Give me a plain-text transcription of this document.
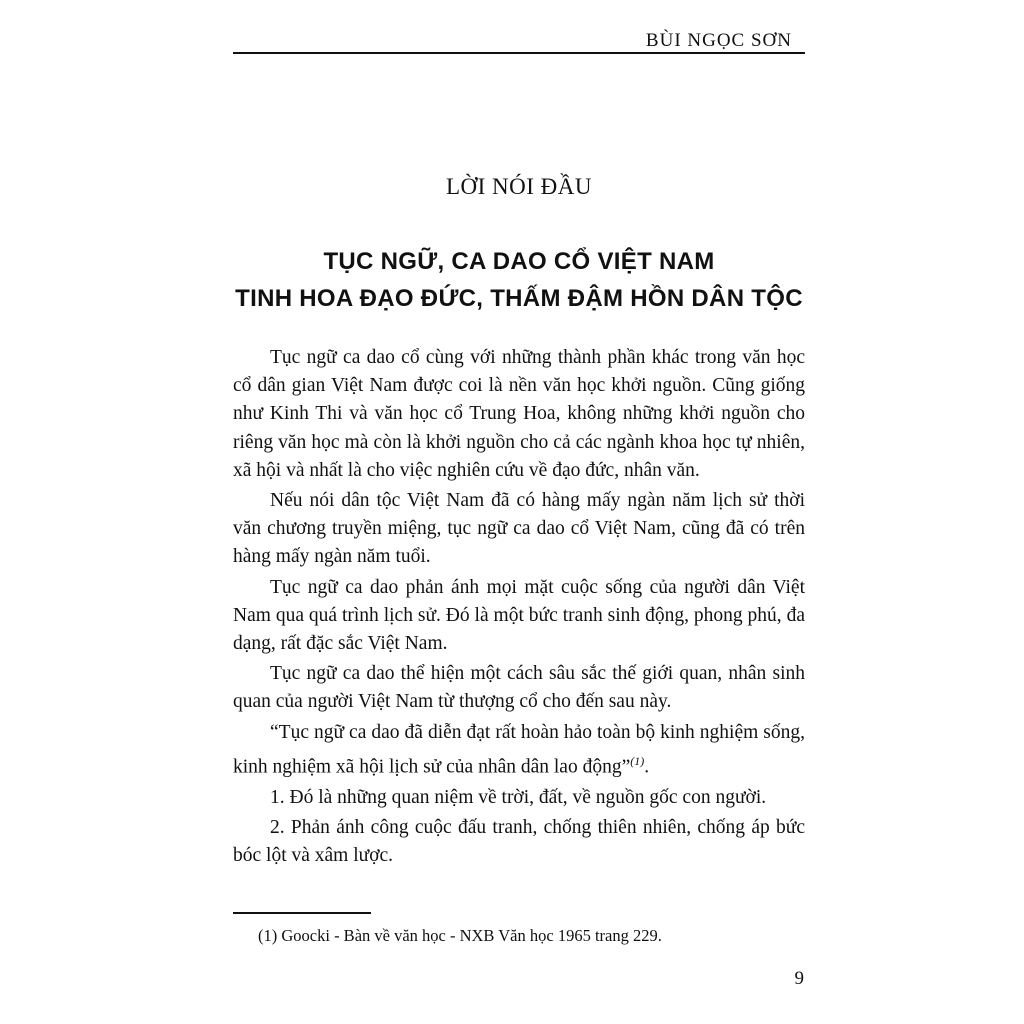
BÙI NGỌC SƠN
LỜI NÓI ĐẦU
TỤC NGỮ, CA DAO CỔ VIỆT NAM
TINH HOA ĐẠO ĐỨC, THẤM ĐẬM HỒN DÂN TỘC

Tục ngữ ca dao cổ cùng với những thành phần khác trong văn học cổ dân gian Việt Nam được coi là nền văn học khởi nguồn. Cũng giống như Kinh Thi và văn học cổ Trung Hoa, không những khởi nguồn cho riêng văn học mà còn là khởi nguồn cho cả các ngành khoa học tự nhiên, xã hội và nhất là cho việc nghiên cứu về đạo đức, nhân văn.

Nếu nói dân tộc Việt Nam đã có hàng mấy ngàn năm lịch sử thời văn chương truyền miệng, tục ngữ ca dao cổ Việt Nam, cũng đã có trên hàng mấy ngàn năm tuổi.

Tục ngữ ca dao phản ánh mọi mặt cuộc sống của người dân Việt Nam qua quá trình lịch sử. Đó là một bức tranh sinh động, phong phú, đa dạng, rất đặc sắc Việt Nam.

Tục ngữ ca dao thể hiện một cách sâu sắc thế giới quan, nhân sinh quan của người Việt Nam từ thượng cổ cho đến sau này.

“Tục ngữ ca dao đã diễn đạt rất hoàn hảo toàn bộ kinh nghiệm sống, kinh nghiệm xã hội lịch sử của nhân dân lao động”$^{(1)}$.

1. Đó là những quan niệm về trời, đất, về nguồn gốc con người.

2. Phản ánh công cuộc đấu tranh, chống thiên nhiên, chống áp bức bóc lột và xâm lược.

(1) Goocki - Bàn về văn học - NXB Văn học 1965 trang 229.
9
